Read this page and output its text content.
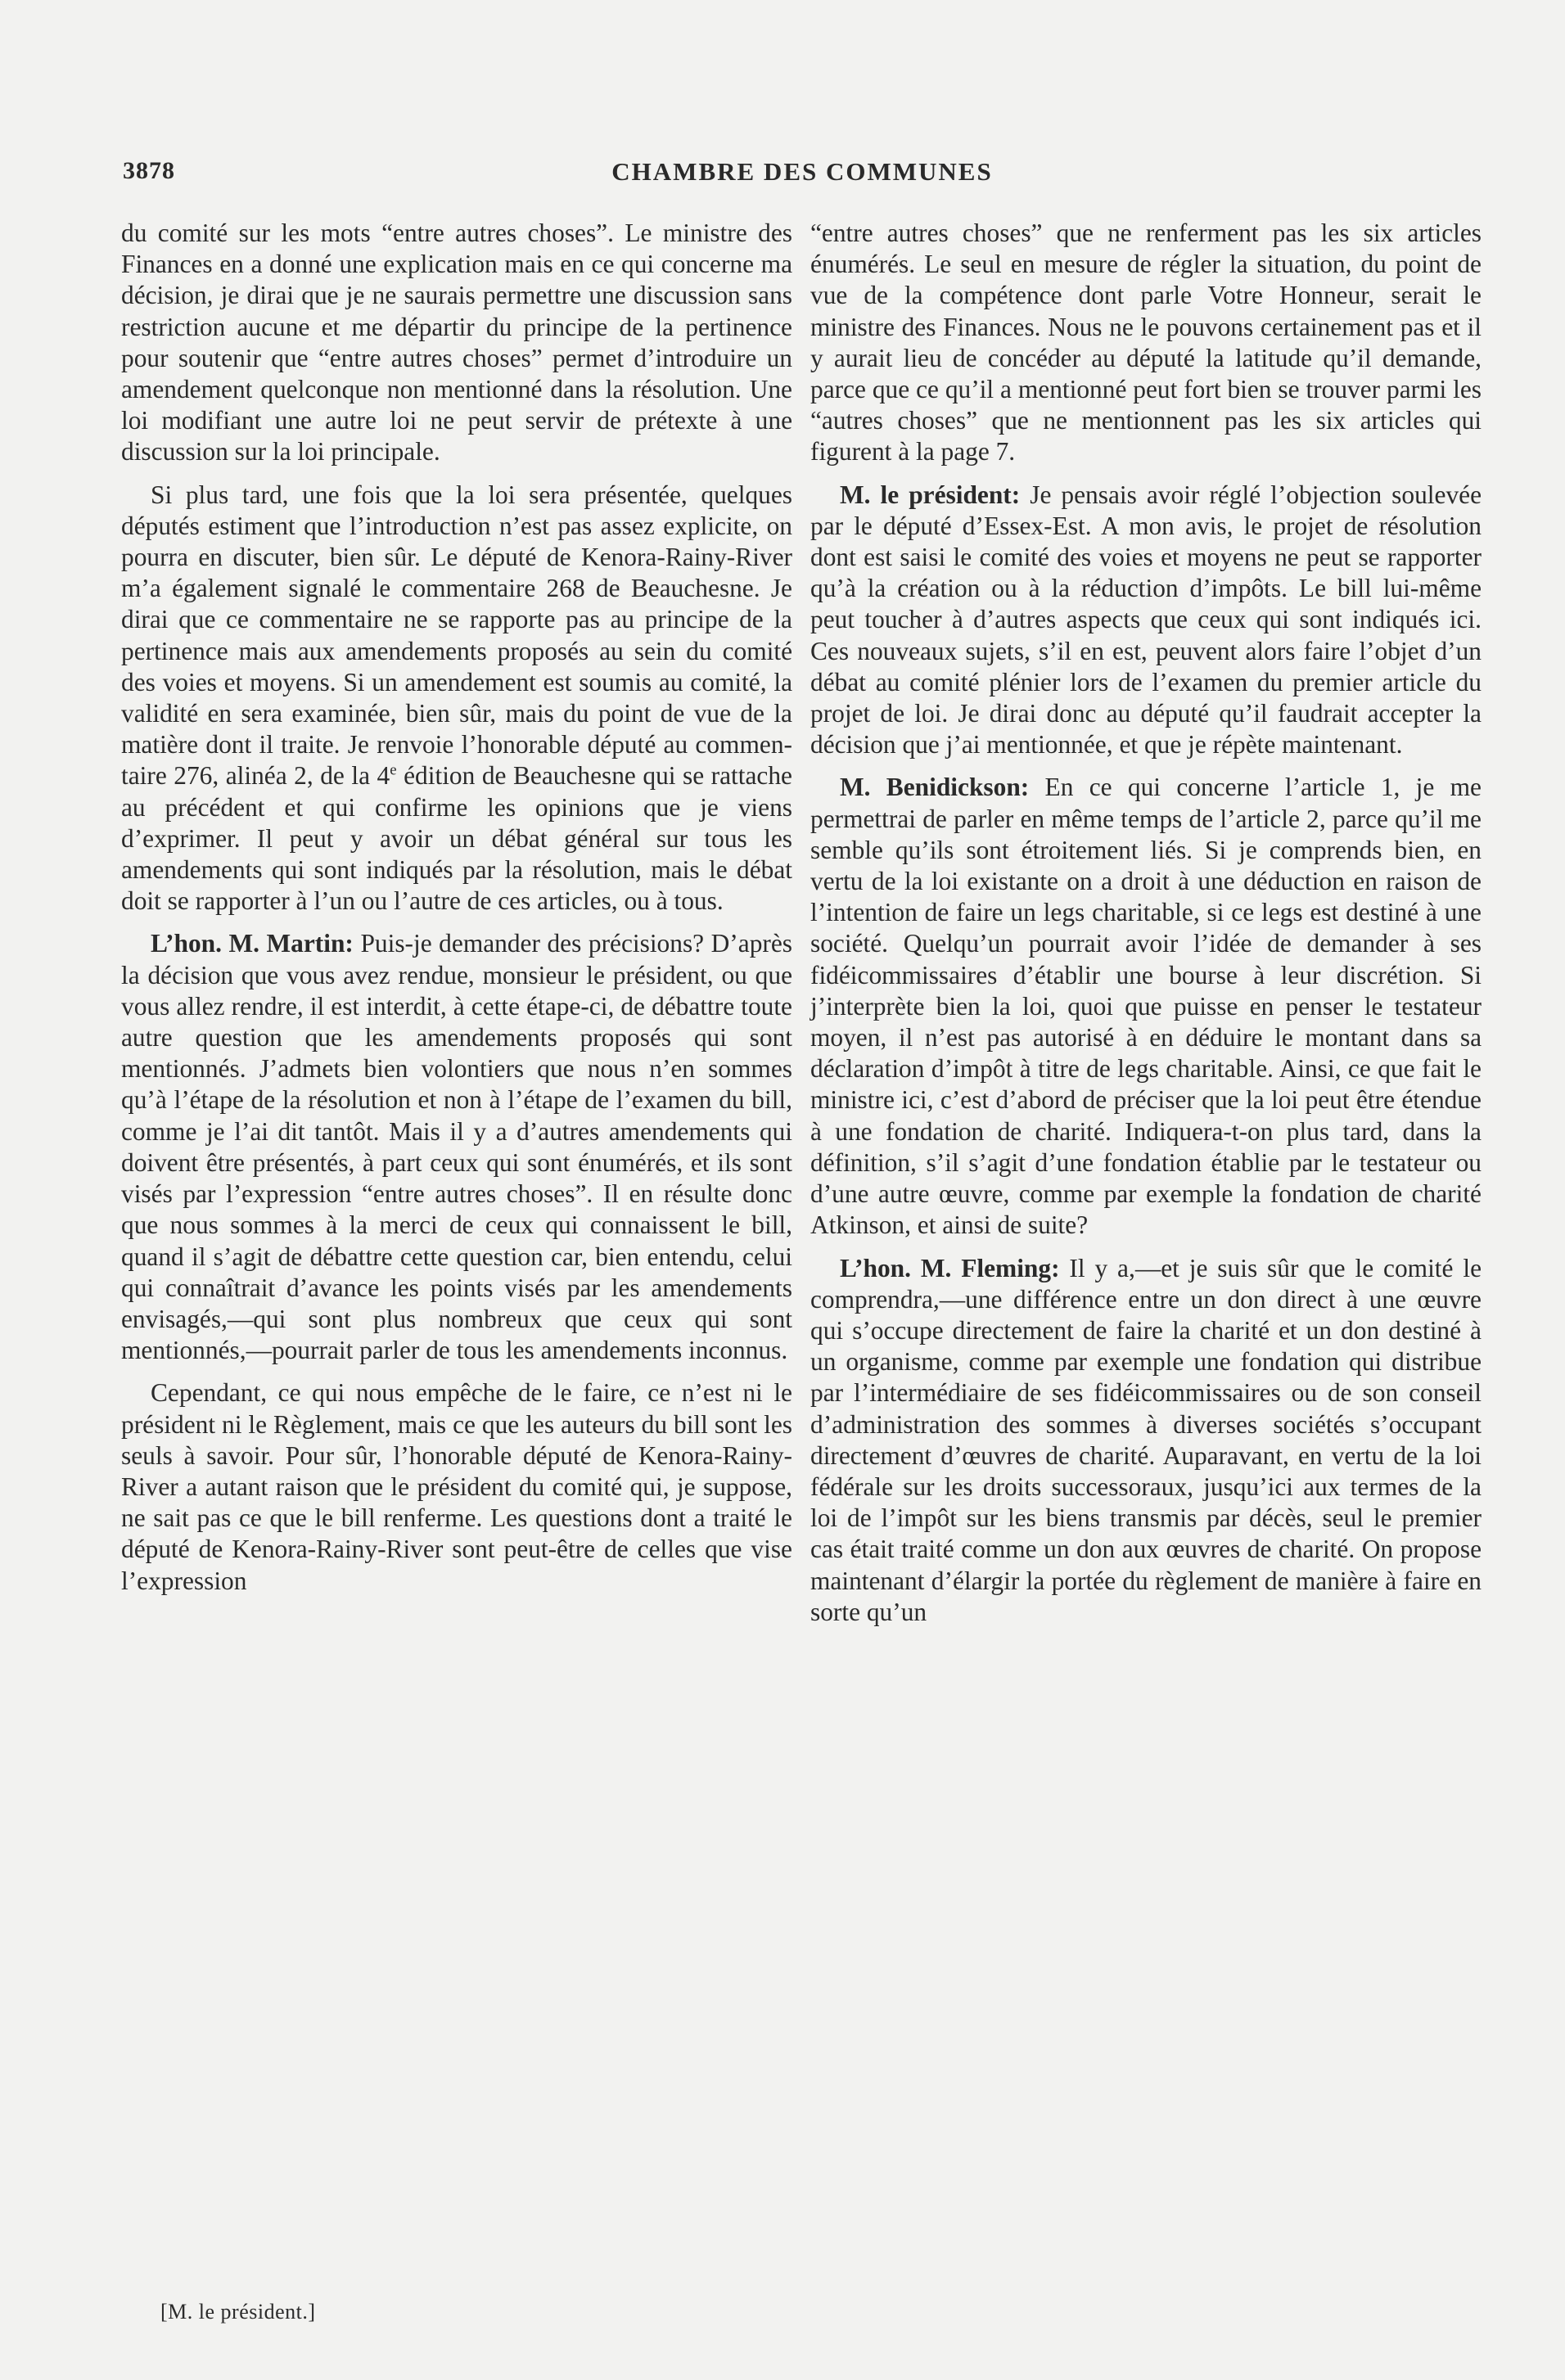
3878	CHAMBRE DES COMMUNES

du comité sur les mots “entre autres choses”. Le ministre des Finances en a donné une explication mais en ce qui concerne ma décision, je dirai que je ne saurais permettre une discussion sans restriction aucune et me départir du principe de la pertinence pour soutenir que “entre autres choses” permet d’introduire un amendement quelconque non mentionné dans la résolution. Une loi modifiant une autre loi ne peut servir de prétexte à une discussion sur la loi principale.

Si plus tard, une fois que la loi sera présentée, quelques députés estiment que l’introduction n’est pas assez explicite, on pourra en discuter, bien sûr. Le député de Kenora-Rainy-River m’a également signalé le commentaire 268 de Beauchesne. Je dirai que ce commentaire ne se rapporte pas au principe de la pertinence mais aux amendements proposés au sein du comité des voies et moyens. Si un amendement est soumis au comité, la validité en sera examinée, bien sûr, mais du point de vue de la matière dont il traite. Je renvoie l’honorable député au commentaire 276, alinéa 2, de la 4e édition de Beauchesne qui se rattache au précédent et qui confirme les opinions que je viens d’exprimer. Il peut y avoir un débat général sur tous les amendements qui sont indiqués par la résolution, mais le débat doit se rapporter à l’un ou l’autre de ces articles, ou à tous.

L’hon. M. Martin: Puis-je demander des précisions? D’après la décision que vous avez rendue, monsieur le président, ou que vous allez rendre, il est interdit, à cette étape-ci, de débattre toute autre question que les amendements proposés qui sont mentionnés. J’admets bien volontiers que nous n’en sommes qu’à l’étape de la résolution et non à l’étape de l’examen du bill, comme je l’ai dit tantôt. Mais il y a d’autres amendements qui doivent être présentés, à part ceux qui sont énumérés, et ils sont visés par l’expression “entre autres choses”. Il en résulte donc que nous sommes à la merci de ceux qui connaissent le bill, quand il s’agit de débattre cette question car, bien entendu, celui qui connaîtrait d’avance les points visés par les amendements envisagés,—qui sont plus nombreux que ceux qui sont mentionnés,—pourrait parler de tous les amendements inconnus.

Cependant, ce qui nous empêche de le faire, ce n’est ni le président ni le Règlement, mais ce que les auteurs du bill sont les seuls à savoir. Pour sûr, l’honorable député de Kenora-Rainy-River a autant raison que le président du comité qui, je suppose, ne sait pas ce que le bill renferme. Les questions dont a traité le député de Kenora-Rainy-River sont peut-être de celles que vise l’expression

“entre autres choses” que ne renferment pas les six articles énumérés. Le seul en mesure de régler la situation, du point de vue de la compétence dont parle Votre Honneur, serait le ministre des Finances. Nous ne le pouvons certainement pas et il y aurait lieu de concéder au député la latitude qu’il demande, parce que ce qu’il a mentionné peut fort bien se trouver parmi les “autres choses” que ne mentionnent pas les six articles qui figurent à la page 7.

M. le président: Je pensais avoir réglé l’objection soulevée par le député d’Essex-Est. A mon avis, le projet de résolution dont est saisi le comité des voies et moyens ne peut se rapporter qu’à la création ou à la réduction d’impôts. Le bill lui-même peut toucher à d’autres aspects que ceux qui sont indiqués ici. Ces nouveaux sujets, s’il en est, peuvent alors faire l’objet d’un débat au comité plénier lors de l’examen du premier article du projet de loi. Je dirai donc au député qu’il faudrait accepter la décision que j’ai mentionnée, et que je répète maintenant.

M. Benidickson: En ce qui concerne l’article 1, je me permettrai de parler en même temps de l’article 2, parce qu’il me semble qu’ils sont étroitement liés. Si je comprends bien, en vertu de la loi existante on a droit à une déduction en raison de l’intention de faire un legs charitable, si ce legs est destiné à une société. Quelqu’un pourrait avoir l’idée de demander à ses fidéicommissaires d’établir une bourse à leur discrétion. Si j’interprète bien la loi, quoi que puisse en penser le testateur moyen, il n’est pas autorisé à en déduire le montant dans sa déclaration d’impôt à titre de legs charitable. Ainsi, ce que fait le ministre ici, c’est d’abord de préciser que la loi peut être étendue à une fondation de charité. Indiquera-t-on plus tard, dans la définition, s’il s’agit d’une fondation établie par le testateur ou d’une autre œuvre, comme par exemple la fondation de charité Atkinson, et ainsi de suite?

L’hon. M. Fleming: Il y a,—et je suis sûr que le comité le comprendra,—une différence entre un don direct à une œuvre qui s’occupe directement de faire la charité et un don destiné à un organisme, comme par exemple une fondation qui distribue par l’intermédiaire de ses fidéicommissaires ou de son conseil d’administration des sommes à diverses sociétés s’occupant directement d’œuvres de charité. Auparavant, en vertu de la loi fédérale sur les droits successoraux, jusqu’ici aux termes de la loi de l’impôt sur les biens transmis par décès, seul le premier cas était traité comme un don aux œuvres de charité. On propose maintenant d’élargir la portée du règlement de manière à faire en sorte qu’un

[M. le président.]
